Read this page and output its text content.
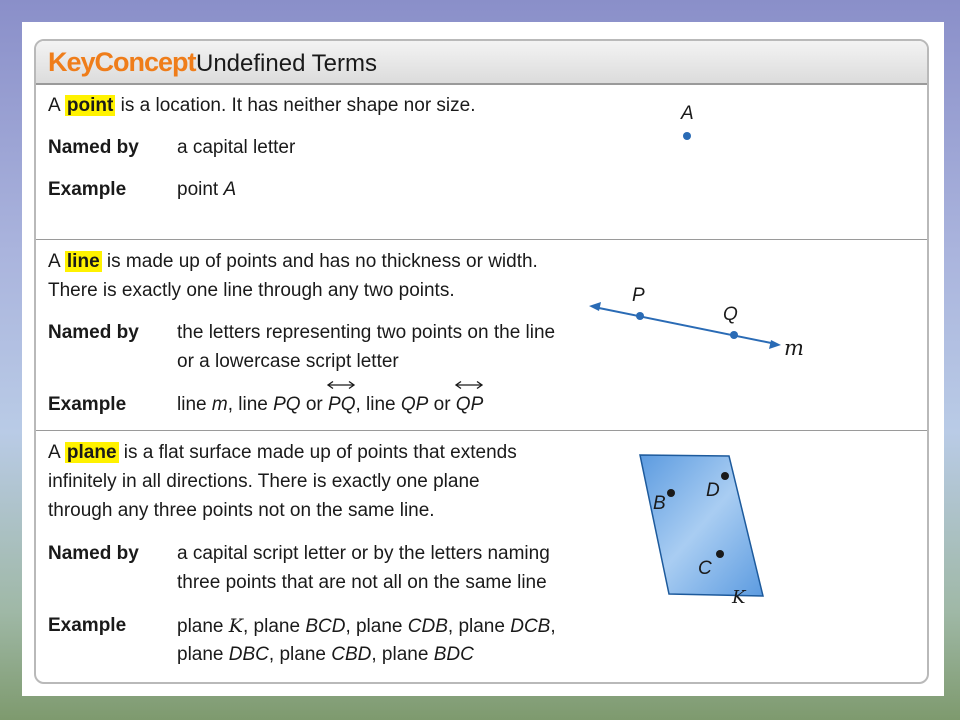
KeyConcept Undefined Terms
A point is a location. It has neither shape nor size.
Named by a capital letter
Example	point A
A
A line is made up of points and has no thickness or width.
There is exactly one line through any two points.
Named by the letters representing two points on the line
or a lowercase script letter
Example	line m, line PQ or
PQ, line QP or
QP
P
Q
m
A plane is a flat surface made up of points that extends
infinitely in all directions. There is exactly one plane
through any three points not on the same line.
Named by a capital script letter or by the letters naming
three points that are not all on the same line
Example	plane K, plane BCD, plane CDB, plane DCB,
plane DBC, plane CBD, plane BDC
B
D
C
K
